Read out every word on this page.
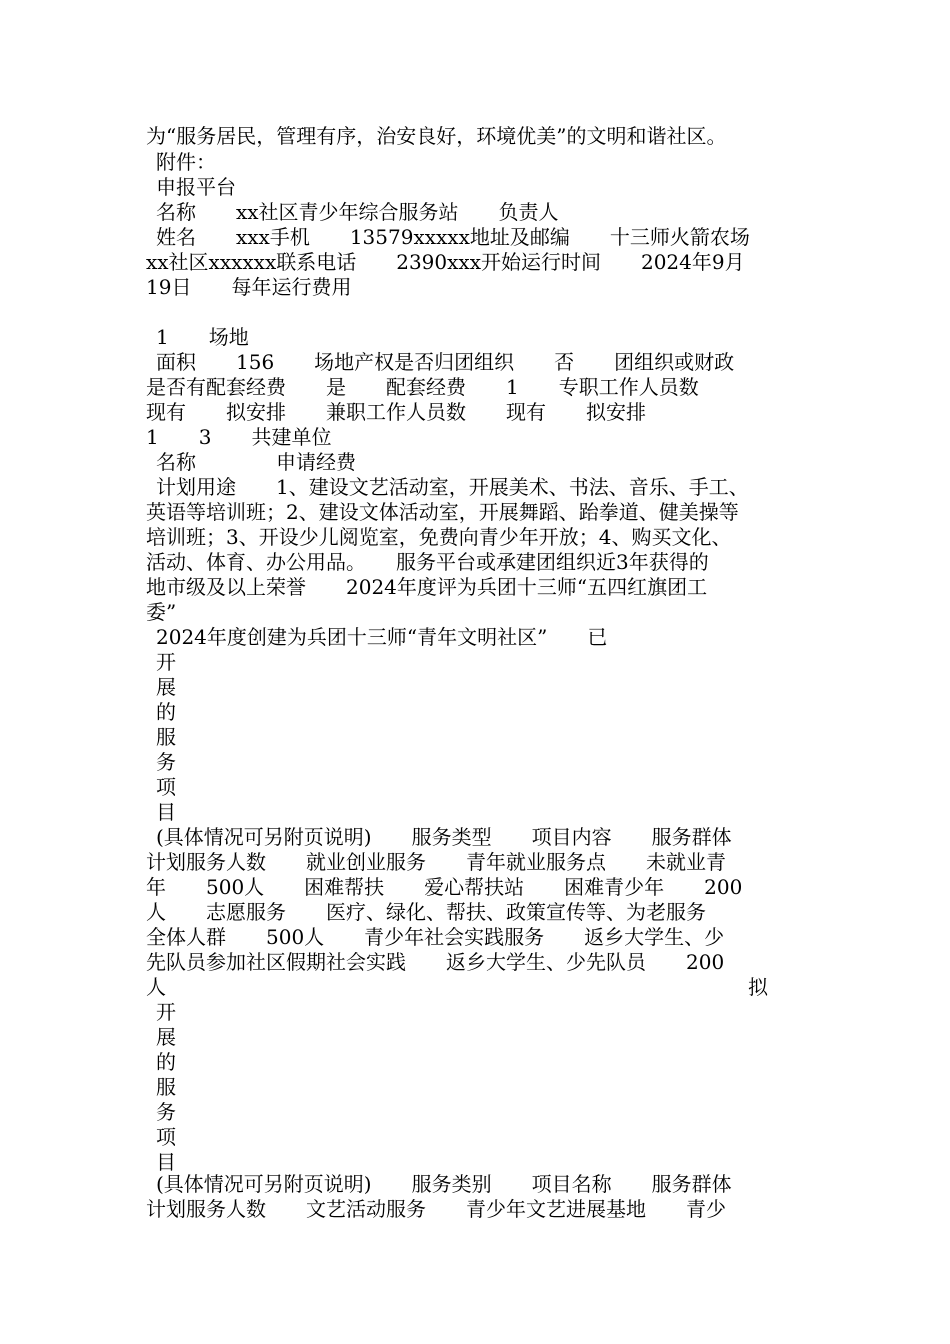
为“服务居民，管理有序，治安良好，环境优美”的文明和谐社区。
附件：
申报平台
名称　　xx社区青少年综合服务站　　负责人
姓名　　xxx手机　　13579xxxxx地址及邮编　　十三师火箭农场
xx社区xxxxxx联系电话　　2390xxx开始运行时间　　2024年9月
19日　　每年运行费用
1　　场地
面积　　156　　场地产权是否归团组织　　否　　团组织或财政
是否有配套经费　　是　　配套经费　　1　　专职工作人员数
现有　　拟安排　　兼职工作人员数　　现有　　拟安排
1　　3　　共建单位
名称　　　　申请经费
计划用途　　1、建设文艺活动室，开展美术、书法、音乐、手工、
英语等培训班；2、建设文体活动室，开展舞蹈、跆拳道、健美操等
培训班；3、开设少儿阅览室，免费向青少年开放；4、购买文化、
活动、体育、办公用品。　　服务平台或承建团组织近3年获得的
地市级及以上荣誉　　2024年度评为兵团十三师“五四红旗团工
委”
2024年度创建为兵团十三师“青年文明社区”　　已
开
展
的
服
务
项
目
(具体情况可另附页说明)　　服务类型　　项目内容　　服务群体
计划服务人数　　就业创业服务　　青年就业服务点　　未就业青
年　　500人　　困难帮扶　　爱心帮扶站　　困难青少年　　200
人　　志愿服务　　医疗、绿化、帮扶、政策宣传等、为老服务
全体人群　　500人　　青少年社会实践服务　　返乡大学生、少
先队员参加社区假期社会实践　　返乡大学生、少先队员　　200
人	拟
开
展
的
服
务
项
目
(具体情况可另附页说明)　　服务类别　　项目名称　　服务群体
计划服务人数　　文艺活动服务　　青少年文艺进展基地　　青少
